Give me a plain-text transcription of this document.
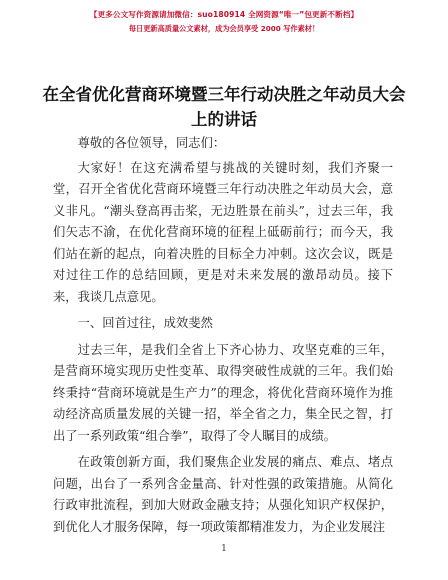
【更多公文写作资源请加微信：suo180914 全网资源“唯一”包更新不断档】
每日更新高质量公文素材，成为会员享受 2000 写作素材！
在全省优化营商环境暨三年行动决胜之年动员大会上的讲话

尊敬的各位领导，同志们：

大家好！在这充满希望与挑战的关键时刻，我们齐聚一堂，召开全省优化营商环境暨三年行动决胜之年动员大会，意义非凡。“潮头登高再击桨，无边胜景在前头”，过去三年，我们矢志不渝，在优化营商环境的征程上砥砺前行；而今天，我们站在新的起点，向着决胜的目标全力冲刺。这次会议，既是对过往工作的总结回顾，更是对未来发展的激昂动员。接下来，我谈几点意见。

一、回首过往，成效斐然

过去三年，是我们全省上下齐心协力、攻坚克难的三年，是营商环境实现历史性变革、取得突破性成就的三年。我们始终秉持“营商环境就是生产力”的理念，将优化营商环境作为推动经济高质量发展的关键一招，举全省之力，集全民之智，打出了一系列政策“组合拳”，取得了令人瞩目的成绩。

在政策创新方面，我们聚焦企业发展的痛点、难点、堵点问题，出台了一系列含金量高、针对性强的政策措施。从简化行政审批流程，到加大财政金融支持；从强化知识产权保护，到优化人才服务保障，每一项政策都精准发力，为企业发展注

1
